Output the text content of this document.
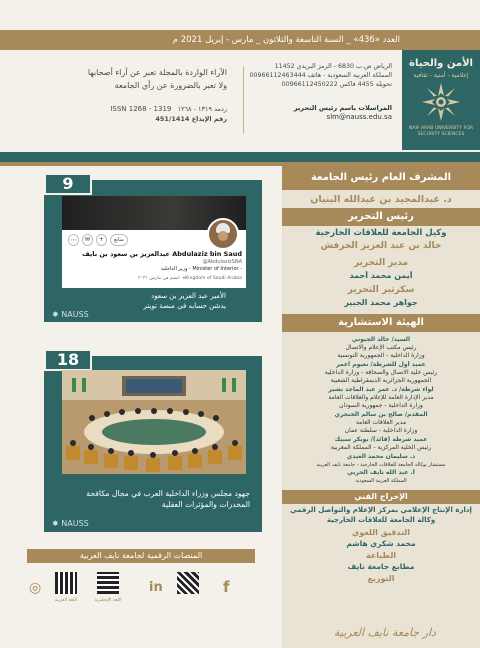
العدد «436» _ السنة التاسعة والثلاثون _ مارس - إبريل 2021 م
الأمن والحياة
إعلامية - أمنية - ثقافية
NAIF ARAB UNIVERSITY FOR SECURITY SCIENCES
الرياض ص.ب 6830 - الرمز البريدي 11452
المملكة العربية السعودية - هاتف 00966112463444
تحويلة 4455 فاكس 00966112450222
المراسلات باسم رئيس التحرير
slm@nauss.edu.sa
الآراء الواردة بالمجلة تعبر عن آراء أصحابها
ولا تعبر بالضرورة عن رأي الجامعة
ردمد ١٣١٩ - ١٢٦٨   ISSN 1268 - 1319
رقم الإيداع 451/1414
المشرف العام رئيس الجامعة
د. عبدالمجيد بن عبدالله البنيان
رئيس التحرير
وكيل الجامعة للعلاقات الخارجية
خالد بن عبد العزيز الحرفش
مدير التحرير
أيمن محمد أحمد
سكرتير التحرير
جواهر محمد الجبير
الهيئة الاستشارية
السيد/ خالد الجبوني
رئيس مكتب الإعلام والاتصال
وزارة الداخلية - الجمهورية التونسية
عميد أول للشرطة/ نعيوم أعمر
رئيس خلية الاتصال والصحافة - وزارة الداخلية
الجمهورية الجزائرية الديمقراطية الشعبية
لواء شرطة/ د. عمر عبد الماجد بشير
مدير الإدارة العامة للإعلام والعلاقات العامة
وزارة الداخلية - جمهورية السودان
المقدم/ صالح بن سالم الخنجري
مدير العلاقات العامة
وزارة الداخلية - سلطنة عمان
عميد شرطة (قائد)/ بوبكر سبيك
رئيس الخلية المركزية - المملكة المغربية
د. سليمان محمد العيدي
مستشار بوكالة الجامعة للعلاقات الخارجية - جامعة نايف العربية
أ. عبد الله نايف الحربي
المملكة العربية السعودية
الإخراج الفني
إدارة الإنتاج الإعلامي بمركز الإعلام والتواصل الرقمي
وكالة الجامعة للعلاقات الخارجية
التدقيق اللغوي
محمد شكري هاشم
الطباعة
مطابع جامعة نايف
التوزيع
دار جامعة نايف العربية
9
⋯	✉	+	متابع
عبدالعزيز بن سعود بن نايف Abdulaziz bin Saud
@AbdulazizSNA
وزير الداخلية - Minister of Interior -
انضم في مارس ٢٠٢١ ⌖Kingdom of Saudi Arabia
الأمير عبد العزيز بن سعود
يدشن حسابه في منصة تويتر
✸ NAUSS
18
جهود مجلس وزراء الداخلية العرب في مجال مكافحة
المخدرات والمؤثرات العقلية
✸ NAUSS
المنصات الرقمية لجامعة نايف العربية
◎
اللغة العربية	اللغة الإنجليزية
in	f
